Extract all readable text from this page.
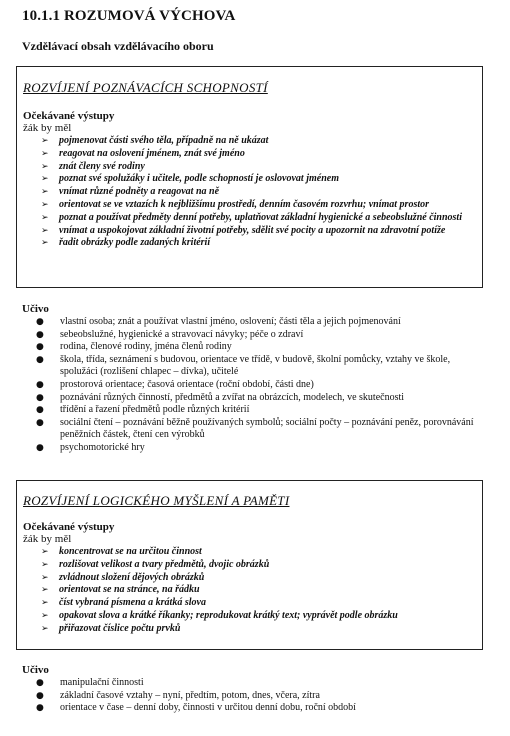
10.1.1 ROZUMOVÁ VÝCHOVA
Vzdělávací obsah vzdělávacího oboru
ROZVÍJENÍ POZNÁVACÍCH SCHOPNOSTÍ
Očekávané výstupy
žák by měl
➢ pojmenovat části svého těla, případně na ně ukázat
➢ reagovat na oslovení jménem, znát své jméno
➢ znát členy své rodiny
➢ poznat své spolužáky i učitele, podle schopností je oslovovat jménem
➢ vnímat různé podněty a reagovat na ně
➢ orientovat se ve vztazích k nejbližšímu prostředí, denním časovém rozvrhu; vnímat prostor
➢ poznat a používat předměty denní potřeby, uplatňovat základní hygienické a sebeobslužné činnosti
➢ vnímat a uspokojovat základní životní potřeby, sdělit své pocity a upozornit na zdravotní potíže
➢ řadit obrázky podle zadaných kritérií
Učivo
● vlastní osoba; znát a používat vlastní jméno, oslovení; části těla a jejich pojmenování
● sebeobslužné, hygienické a stravovací návyky; péče o zdraví
● rodina, členové rodiny, jména členů rodiny
● škola, třída, seznámení s budovou, orientace ve třídě, v budově, školní pomůcky, vztahy ve škole, spolužáci (rozlišení chlapec – dívka), učitelé
● prostorová orientace; časová orientace (roční období, části dne)
● poznávání různých činností, předmětů a zvířat na obrázcích, modelech, ve skutečnosti
● třídění a řazení předmětů podle různých kritérií
● sociální čtení – poznávání běžně používaných symbolů; sociální počty – poznávání peněz, porovnávání peněžních částek, čtení cen výrobků
● psychomotorické hry
ROZVÍJENÍ LOGICKÉHO MYŠLENÍ A PAMĚTI
Očekávané výstupy
žák by měl
➢ koncentrovat se na určitou činnost
➢ rozlišovat velikost a tvary předmětů, dvojic obrázků
➢ zvládnout složení dějových obrázků
➢ orientovat se na stránce, na řádku
➢ číst vybraná písmena a krátká slova
➢ opakovat slova a krátké říkanky; reprodukovat krátký text; vyprávět podle obrázku
➢ přiřazovat číslice počtu prvků
Učivo
● manipulační činnosti
● základní časové vztahy – nyní, předtím, potom, dnes, včera, zítra
● orientace v čase – denní doby, činnosti v určitou denní dobu, roční období
